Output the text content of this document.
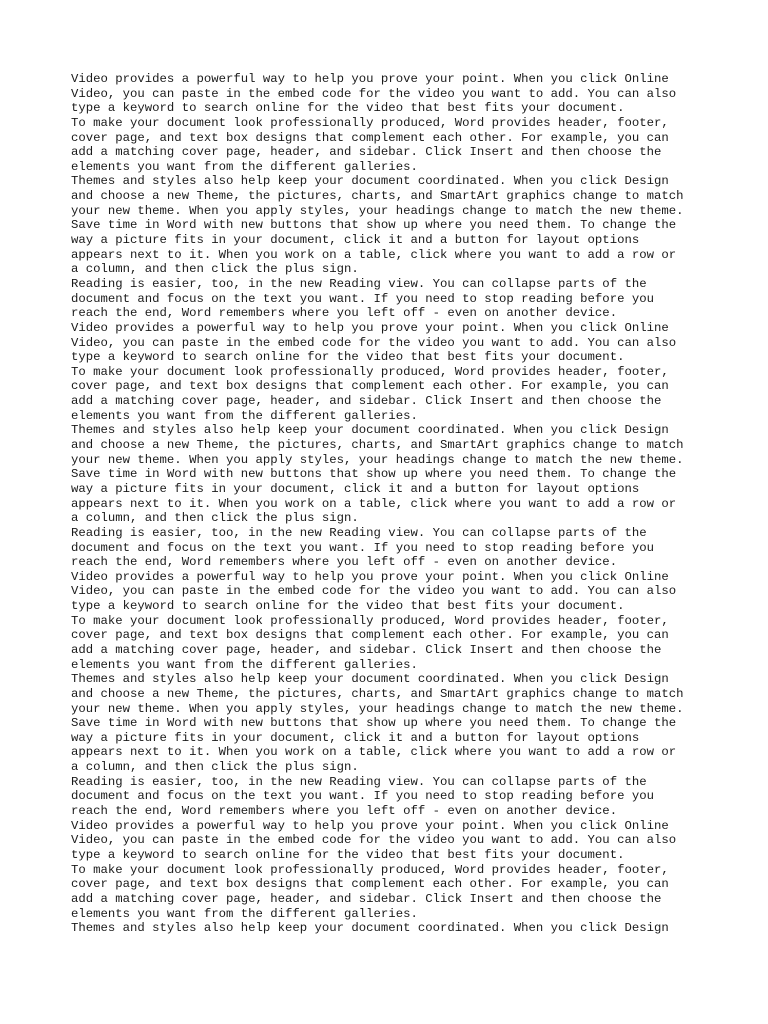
Video provides a powerful way to help you prove your point. When you click Online
Video, you can paste in the embed code for the video you want to add. You can also
type a keyword to search online for the video that best fits your document.
To make your document look professionally produced, Word provides header, footer,
cover page, and text box designs that complement each other. For example, you can
add a matching cover page, header, and sidebar. Click Insert and then choose the
elements you want from the different galleries.
Themes and styles also help keep your document coordinated. When you click Design
and choose a new Theme, the pictures, charts, and SmartArt graphics change to match
your new theme. When you apply styles, your headings change to match the new theme.
Save time in Word with new buttons that show up where you need them. To change the
way a picture fits in your document, click it and a button for layout options
appears next to it. When you work on a table, click where you want to add a row or
a column, and then click the plus sign.
Reading is easier, too, in the new Reading view. You can collapse parts of the
document and focus on the text you want. If you need to stop reading before you
reach the end, Word remembers where you left off - even on another device.
Video provides a powerful way to help you prove your point. When you click Online
Video, you can paste in the embed code for the video you want to add. You can also
type a keyword to search online for the video that best fits your document.
To make your document look professionally produced, Word provides header, footer,
cover page, and text box designs that complement each other. For example, you can
add a matching cover page, header, and sidebar. Click Insert and then choose the
elements you want from the different galleries.
Themes and styles also help keep your document coordinated. When you click Design
and choose a new Theme, the pictures, charts, and SmartArt graphics change to match
your new theme. When you apply styles, your headings change to match the new theme.
Save time in Word with new buttons that show up where you need them. To change the
way a picture fits in your document, click it and a button for layout options
appears next to it. When you work on a table, click where you want to add a row or
a column, and then click the plus sign.
Reading is easier, too, in the new Reading view. You can collapse parts of the
document and focus on the text you want. If you need to stop reading before you
reach the end, Word remembers where you left off - even on another device.
Video provides a powerful way to help you prove your point. When you click Online
Video, you can paste in the embed code for the video you want to add. You can also
type a keyword to search online for the video that best fits your document.
To make your document look professionally produced, Word provides header, footer,
cover page, and text box designs that complement each other. For example, you can
add a matching cover page, header, and sidebar. Click Insert and then choose the
elements you want from the different galleries.
Themes and styles also help keep your document coordinated. When you click Design
and choose a new Theme, the pictures, charts, and SmartArt graphics change to match
your new theme. When you apply styles, your headings change to match the new theme.
Save time in Word with new buttons that show up where you need them. To change the
way a picture fits in your document, click it and a button for layout options
appears next to it. When you work on a table, click where you want to add a row or
a column, and then click the plus sign.
Reading is easier, too, in the new Reading view. You can collapse parts of the
document and focus on the text you want. If you need to stop reading before you
reach the end, Word remembers where you left off - even on another device.
Video provides a powerful way to help you prove your point. When you click Online
Video, you can paste in the embed code for the video you want to add. You can also
type a keyword to search online for the video that best fits your document.
To make your document look professionally produced, Word provides header, footer,
cover page, and text box designs that complement each other. For example, you can
add a matching cover page, header, and sidebar. Click Insert and then choose the
elements you want from the different galleries.
Themes and styles also help keep your document coordinated. When you click Design
